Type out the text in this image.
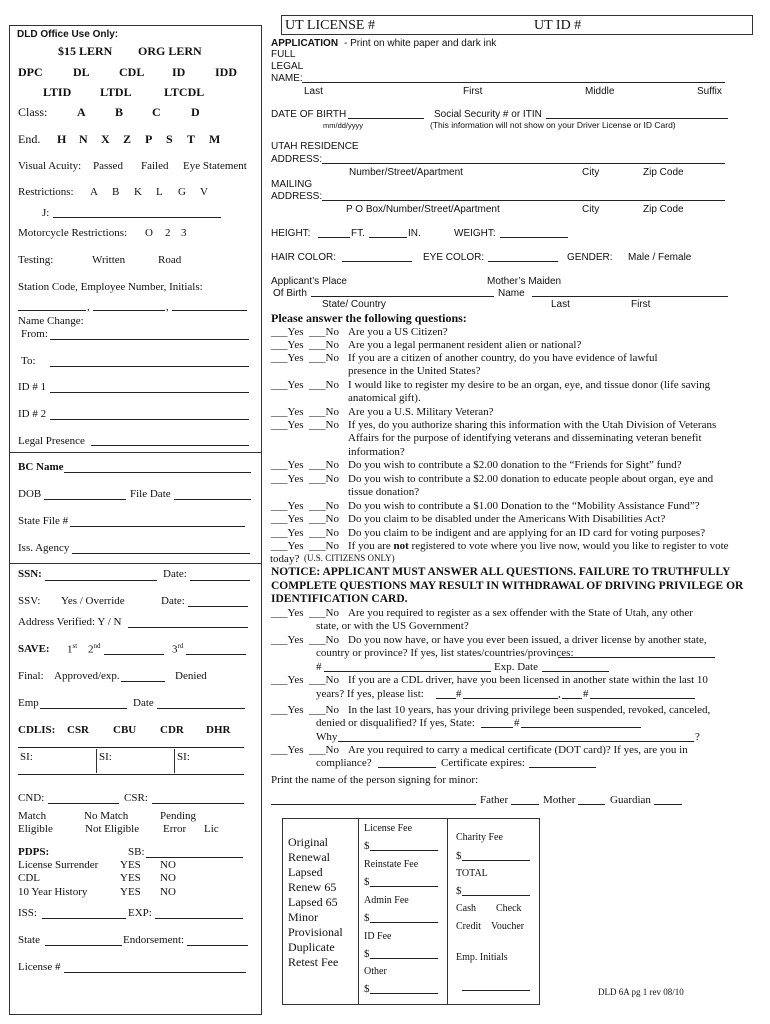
DLD Office Use Only:
$15 LERN ORG LERN
DPC	DL CDL ID IDD
LTID LTDL	LTCDL
Class: A B C	D
End. H N X Z P S T M
Visual Acuity: Passed Failed Eye Statement
Restrictions: A B K L G V
J:
Motorcycle Restrictions: O 2 3
Testing:	Written	Road
Station Code, Employee Number, Initials:
,	,
Name Change:
From:
To:
ID # 1
ID # 2
Legal Presence
BC Name
DOB	File Date
State File #
Iss. Agency
SSN:	Date:
SSV: Yes / Override	Date:
Address Verified: Y / N
SAVE: 1st 2nd	3rd
Final: Approved/exp.	Denied
Emp	Date
CDLIS: CSR CBU CDR DHR
SI:	SI:	SI:
CND:	CSR:
Match	No Match	Pending
Eligible	Not Eligible Error Lic
PDPS:	SB:
License Surrender YES NO
CDL	YES NO
10 Year History	YES NO
ISS:	EXP:
State	Endorsement:
License #
UT LICENSE #	UT ID #
APPLICATION - Print on white paper and dark ink
FULL
LEGAL
NAME:
Last	First	Middle	Suffix
DATE OF BIRTH
mm/dd/yyyy
Social Security # or ITIN
(This information will not show on your Driver License or ID Card)
UTAH RESIDENCE
ADDRESS:
Number/Street/Apartment	City	Zip Code
MAILING
ADDRESS:
P O Box/Number/Street/Apartment	City	Zip Code
HEIGHT:	FT.	IN.	WEIGHT:
HAIR COLOR:	EYE COLOR:	GENDER: Male / Female
Applicant’s Place
Of Birth
State/ Country
Mother’s Maiden
Name
Last	First
Please answer the following questions:
___Yes ___No Are you a US Citizen?
___Yes ___No Are you a legal permanent resident alien or national?
___Yes ___No If you are a citizen of another country, do you have evidence of lawful presence in the United States?
___Yes ___No I would like to register my desire to be an organ, eye, and tissue donor (life saving anatomical gift).
___Yes ___No Are you a U.S. Military Veteran?
___Yes ___No If yes, do you authorize sharing this information with the Utah Division of Veterans Affairs for the purpose of identifying veterans and disseminating veteran benefit information?
___Yes ___No Do you wish to contribute a $2.00 donation to the “Friends for Sight” fund?
___Yes ___No Do you wish to contribute a $2.00 donation to educate people about organ, eye and tissue donation?
___Yes ___No Do you wish to contribute a $1.00 Donation to the “Mobility Assistance Fund”?
___Yes ___No Do you claim to be disabled under the Americans With Disabilities Act?
___Yes ___No Do you claim to be indigent and are applying for an ID card for voting purposes?
___Yes ___No If you are not registered to vote where you live now, would you like to register to vote
today? (U.S. CITIZENS ONLY)
NOTICE: APPLICANT MUST ANSWER ALL QUESTIONS. FAILURE TO TRUTHFULLY COMPLETE QUESTIONS MAY RESULT IN WITHDRAWAL OF DRIVING PRIVILEGE OR IDENTIFICATION CARD.
___Yes ___No Are you required to register as a sex offender with the State of Utah, any other state, or with the US Government?
___Yes ___No Do you now have, or have you ever been issued, a driver license by another state,
country or province? If yes, list states/countries/provinces:
#	Exp. Date
___Yes ___No If you are a CDL driver, have you been licensed in another state within the last 10
years? If yes, please list:	#	, #
___Yes ___No In the last 10 years, has your driving privilege been suspended, revoked, canceled,
denied or disqualified? If yes, State:	#
Why	?
___Yes ___No Are you required to carry a medical certificate (DOT card)? If yes, are you in
compliance?	Certificate expires:
Print the name of the person signing for minor:
Father	Mother	Guardian
Original
Renewal
Lapsed
Renew 65
Lapsed 65
Minor
Provisional
Duplicate
Retest Fee
License Fee
$
Reinstate Fee
$
Admin Fee
$
ID Fee
$
Other
$
Charity Fee
$
TOTAL
$
Cash Check
Credit Voucher
Emp. Initials
DLD 6A pg 1 rev 08/10
